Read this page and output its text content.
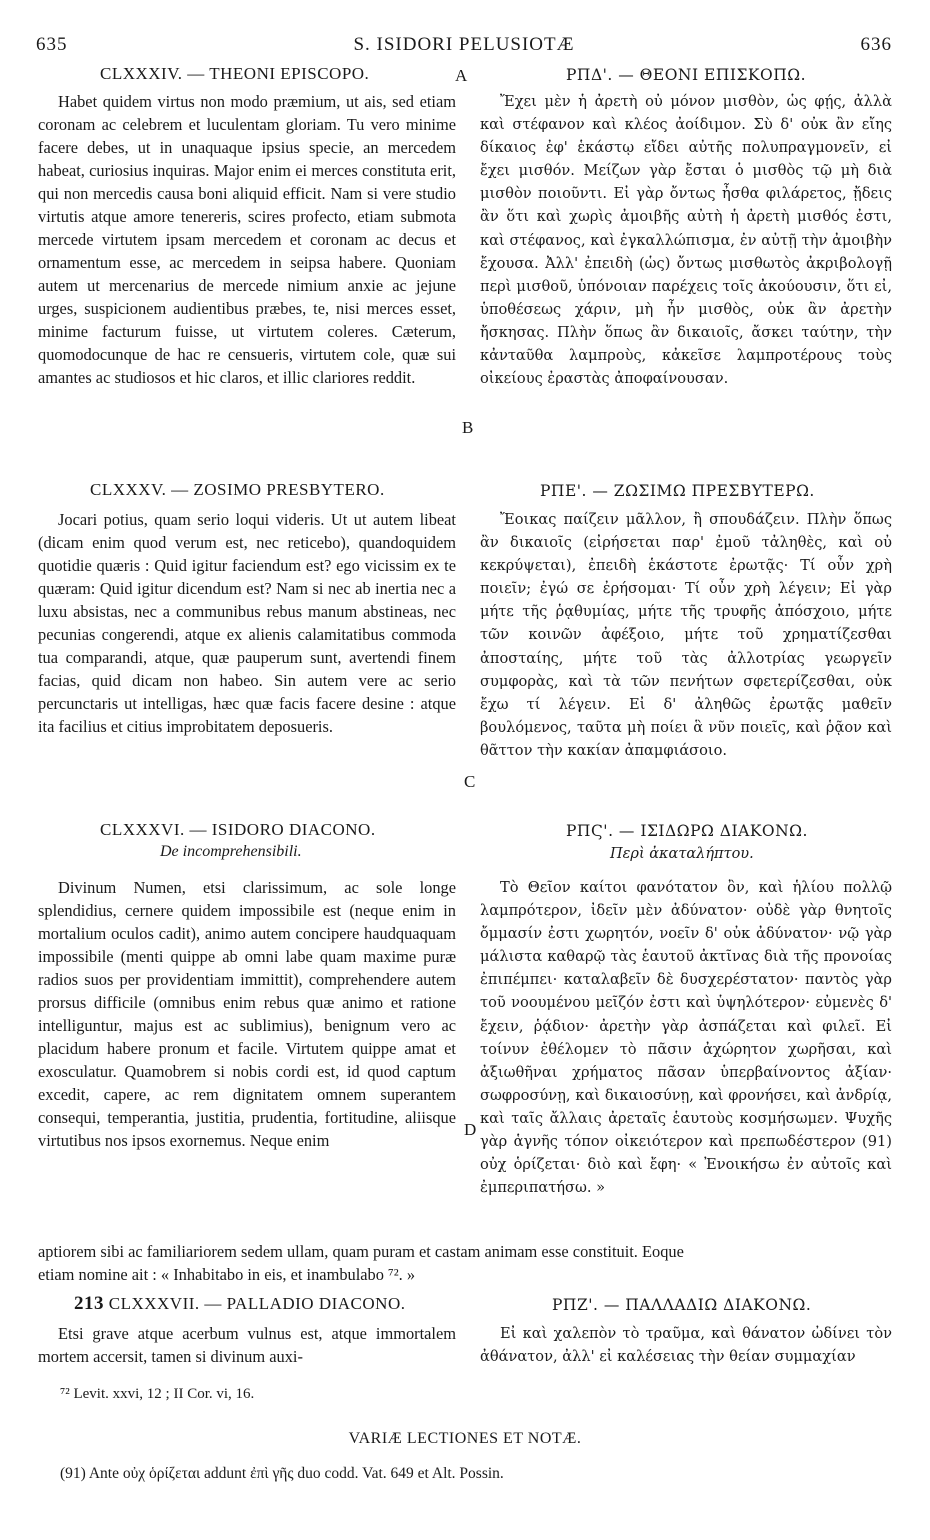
635	S. ISIDORI PELUSIOTÆ	636
CLXXXIV. — THEONI EPISCOPO.	A	ΡΠΔ'. — ΘΕΟΝΙ ΕΠΙΣΚΟΠΩ.

Habet quidem virtus non modo præmium, ut ais, sed etiam coronam ac celebrem et luculentam gloriam. Tu vero minime facere debes, ut in unaquaque ipsius specie, an mercedem habeat, curiosius inquiras. Major enim ei merces constituta erit, qui non mercedis causa boni aliquid efficit. Nam si vere studio virtutis atque amore tenereris, scires profecto, etiam submota mercede virtutem ipsam mercedem et coronam ac decus et ornamentum esse, ac mercedem in seipsa habere. Quoniam autem ut mercenarius de mercede nimium anxie ac jejune urges, suspicionem audientibus præbes, te, nisi merces esset, minime facturum fuisse, ut virtutem coleres. Cæterum, quomodocunque de hac re censueris, virtutem cole, quæ sui amantes ac studiosos et hic claros, et illic clariores reddit.

Ἔχει μὲν ἡ ἀρετὴ οὐ μόνον μισθὸν, ὡς φῄς, ἀλλὰ καὶ στέφανον καὶ κλέος ἀοίδιμον. Σὺ δ' οὐκ ἂν εἴης δίκαιος ἐφ' ἑκάστῳ εἴδει αὐτῆς πολυπραγμονεῖν, εἰ ἔχει μισθόν. Μείζων γὰρ ἔσται ὁ μισθὸς τῷ μὴ διὰ μισθὸν ποιοῦντι. Εἰ γὰρ ὄντως ἦσθα φιλάρετος, ᾔδεις ἂν ὅτι καὶ χωρὶς ἀμοιβῆς αὐτὴ ἡ ἀρετὴ μισθός ἐστι, καὶ στέφανος, καὶ ἐγκαλλώπισμα, ἐν αὐτῇ τὴν ἀμοιβὴν ἔχουσα. Ἀλλ' ἐπειδὴ (ὡς) ὄντως μισθωτὸς ἀκριβολογῇ περὶ μισθοῦ, ὑπόνοιαν παρέχεις τοῖς ἀκούουσιν, ὅτι εἰ, ὑποθέσεως χάριν, μὴ ἦν μισθὸς, οὐκ ἂν ἀρετὴν ἤσκησας. Πλὴν ὅπως ἂν δικαιοῖς, ἄσκει ταύτην, τὴν κἀνταῦθα λαμπροὺς, κἀκεῖσε λαμπροτέρους τοὺς οἰκείους ἐραστὰς ἀποφαίνουσαν.

B
CLXXXV. — ZOSIMO PRESBYTERO.	ΡΠΕ'. — ΖΩΣΙΜΩ ΠΡΕΣΒΥΤΕΡΩ.

Jocari potius, quam serio loqui videris. Ut ut autem libeat (dicam enim quod verum est, nec reticebo), quandoquidem quotidie quæris : Quid igitur faciendum est? ego vicissim ex te quæram: Quid igitur dicendum est? Nam si nec ab inertia nec a luxu absistas, nec a communibus rebus manum abstineas, nec pecunias congerendi, atque ex alienis calamitatibus commoda tua comparandi, atque, quæ pauperum sunt, avertendi finem facias, quid dicam non habeo. Sin autem vere ac serio percunctaris ut intelligas, hæc quæ facis facere desine : atque ita facilius et citius improbitatem deposueris.

Ἔοικας παίζειν μᾶλλον, ἢ σπουδάζειν. Πλὴν ὅπως ἂν δικαιοῖς (εἰρήσεται παρ' ἐμοῦ τἀληθὲς, καὶ οὐ κεκρύψεται), ἐπειδὴ ἑκάστοτε ἐρωτᾷς· Τί οὖν χρὴ ποιεῖν; ἐγώ σε ἐρήσομαι· Τί οὖν χρὴ λέγειν; Εἰ γὰρ μήτε τῆς ῥᾳθυμίας, μήτε τῆς τρυφῆς ἀπόσχοιο, μήτε τῶν κοινῶν ἀφέξοιο, μήτε τοῦ χρηματίζεσθαι ἀποσταίης, μήτε τοῦ τὰς ἀλλοτρίας γεωργεῖν συμφορὰς, καὶ τὰ τῶν πενήτων σφετερίζεσθαι, οὐκ ἔχω τί λέγειν. Εἰ δ' ἀληθῶς ἐρωτᾷς μαθεῖν βουλόμενος, ταῦτα μὴ ποίει ἃ νῦν ποιεῖς, καὶ ῥᾷον καὶ θᾶττον τὴν κακίαν ἀπαμφιάσοιο.

C
CLXXXVI. — ISIDORO DIACONO.
De incomprehensibili.
ΡΠϚ'. — ΙΣΙΔΩΡΩ ΔΙΑΚΟΝΩ.
Περὶ ἀκαταλήπτου.

Divinum Numen, etsi clarissimum, ac sole longe splendidius, cernere quidem impossibile est (neque enim in mortalium oculos cadit), animo autem concipere haudquaquam impossibile (menti quippe ab omni labe quam maxime puræ radios suos per providentiam immittit), comprehendere autem prorsus difficile (omnibus enim rebus quæ animo et ratione intelliguntur, majus est ac sublimius), benignum vero ac placidum habere pronum et facile. Virtutem quippe amat et exosculatur. Quamobrem si nobis cordi est, id quod captum excedit, capere, ac rem dignitatem omnem superantem consequi, temperantia, justitia, prudentia, fortitudine, aliisque virtutibus nos ipsos exornemus. Neque enim

Τὸ Θεῖον καίτοι φανότατον ὂν, καὶ ἡλίου πολλῷ λαμπρότερον, ἰδεῖν μὲν ἀδύνατον· οὐδὲ γὰρ θνητοῖς ὄμμασίν ἐστι χωρητόν, νοεῖν δ' οὐκ ἀδύνατον· νῷ γὰρ μάλιστα καθαρῷ τὰς ἑαυτοῦ ἀκτῖνας διὰ τῆς προνοίας ἐπιπέμπει· καταλαβεῖν δὲ δυσχερέστατον· παντὸς γὰρ τοῦ νοουμένου μεῖζόν ἐστι καὶ ὑψηλότερον· εὐμενὲς δ' ἔχειν, ῥᾴδιον· ἀρετὴν γὰρ ἀσπάζεται καὶ φιλεῖ. Εἰ τοίνυν ἐθέλομεν τὸ πᾶσιν ἀχώρητον χωρῆσαι, καὶ ἀξιωθῆναι χρήματος πᾶσαν ὑπερβαίνοντος ἀξίαν· σωφροσύνῃ, καὶ δικαιοσύνῃ, καὶ φρονήσει, καὶ ἀνδρίᾳ, καὶ ταῖς ἄλλαις ἀρεταῖς ἑαυτοὺς κοσμήσωμεν. Ψυχῆς γὰρ ἁγνῆς τόπον οἰκειότερον καὶ πρεπωδέστερον (91) οὐχ ὁρίζεται· διὸ καὶ ἔφη· « Ἐνοικήσω ἐν αὐτοῖς καὶ ἐμπεριπατήσω. »

D
aptiorem sibi ac familiariorem sedem ullam, quam puram et castam animam esse constituit. Eoque
etiam nomine ait : « Inhabitabo in eis, et inambulabo ⁷². »
213 CLXXXVII. — PALLADIO DIACONO.	ΡΠΖ'. — ΠΑΛΛΑΔΙΩ ΔΙΑΚΟΝΩ.

Etsi grave atque acerbum vulnus est, atque immortalem mortem accersit, tamen si divinum auxi-

Εἰ καὶ χαλεπὸν τὸ τραῦμα, καὶ θάνατον ὠδίνει τὸν ἀθάνατον, ἀλλ' εἰ καλέσειας τὴν θείαν συμμαχίαν

⁷² Levit. xxvi, 12 ; II Cor. vi, 16.
VARIÆ LECTIONES ET NOTÆ.
(91) Ante οὐχ ὁρίζεται addunt ἐπὶ γῆς duo codd. Vat. 649 et Alt. Possin.
